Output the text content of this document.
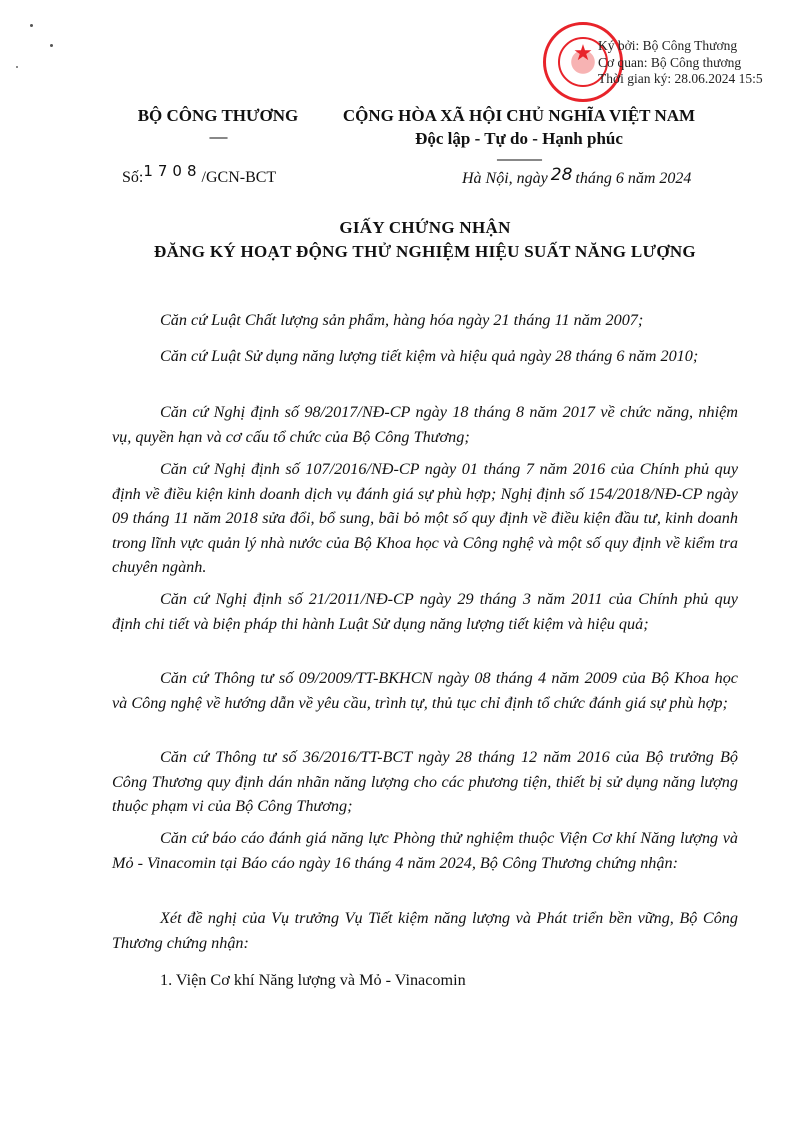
★ Ký bởi: Bộ Công Thương
Cơ quan: Bộ Công thương
Thời gian ký: 28.06.2024 15:5
BỘ CÔNG THƯƠNG
------
CỘNG HÒA XÃ HỘI CHỦ NGHĨA VIỆT NAM
Độc lập - Tự do - Hạnh phúc
---------------
Số:1708/GCN-BCT	Hà Nội, ngày 28 tháng 6 năm 2024
GIẤY CHỨNG NHẬN
ĐĂNG KÝ HOẠT ĐỘNG THỬ NGHIỆM HIỆU SUẤT NĂNG LƯỢNG
Căn cứ Luật Chất lượng sản phẩm, hàng hóa ngày 21 tháng 11 năm 2007;
Căn cứ Luật Sử dụng năng lượng tiết kiệm và hiệu quả ngày 28 tháng 6 năm 2010;
Căn cứ Nghị định số 98/2017/NĐ-CP ngày 18 tháng 8 năm 2017 về chức năng, nhiệm vụ, quyền hạn và cơ cấu tổ chức của Bộ Công Thương;
Căn cứ Nghị định số 107/2016/NĐ-CP ngày 01 tháng 7 năm 2016 của Chính phủ quy định về điều kiện kinh doanh dịch vụ đánh giá sự phù hợp; Nghị định số 154/2018/NĐ-CP ngày 09 tháng 11 năm 2018 sửa đổi, bổ sung, bãi bỏ một số quy định về điều kiện đầu tư, kinh doanh trong lĩnh vực quản lý nhà nước của Bộ Khoa học và Công nghệ và một số quy định về kiểm tra chuyên ngành.
Căn cứ Nghị định số 21/2011/NĐ-CP ngày 29 tháng 3 năm 2011 của Chính phủ quy định chi tiết và biện pháp thi hành Luật Sử dụng năng lượng tiết kiệm và hiệu quả;
Căn cứ Thông tư số 09/2009/TT-BKHCN ngày 08 tháng 4 năm 2009 của Bộ Khoa học và Công nghệ về hướng dẫn về yêu cầu, trình tự, thủ tục chỉ định tổ chức đánh giá sự phù hợp;
Căn cứ Thông tư số 36/2016/TT-BCT ngày 28 tháng 12 năm 2016 của Bộ trưởng Bộ Công Thương quy định dán nhãn năng lượng cho các phương tiện, thiết bị sử dụng năng lượng thuộc phạm vi của Bộ Công Thương;
Căn cứ báo cáo đánh giá năng lực Phòng thử nghiệm thuộc Viện Cơ khí Năng lượng và Mỏ - Vinacomin tại Báo cáo ngày 16 tháng 4 năm 2024, Bộ Công Thương chứng nhận:
Xét đề nghị của Vụ trưởng Vụ Tiết kiệm năng lượng và Phát triển bền vững, Bộ Công Thương chứng nhận:
1. Viện Cơ khí Năng lượng và Mỏ - Vinacomin
